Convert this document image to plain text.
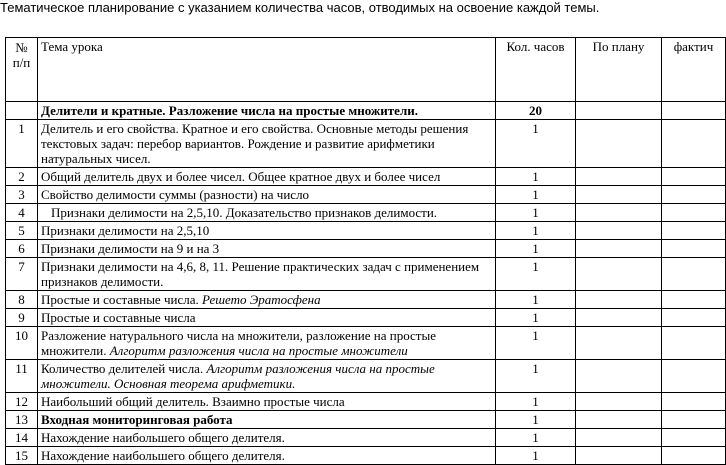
Тематическое планирование с указанием количества часов, отводимых на освоение каждой темы.
№ п/п	Тема урока	Кол. часов	По плану	фактич
	Делители и кратные. Разложение числа на простые множители.	20		
1	Делитель и его свойства. Кратное и его свойства. Основные методы решения текстовых задач: перебор вариантов. Рождение и развитие арифметики натуральных чисел.	1		
2	Общий делитель двух и более чисел. Общее кратное двух и более чисел	1		
3	Свойство делимости суммы (разности) на число	1		
4	Признаки делимости на 2,5,10. Доказательство признаков делимости.	1		
5	Признаки делимости на 2,5,10	1		
6	Признаки делимости на 9 и на 3	1		
7	Признаки делимости на 4,6, 8, 11. Решение практических задач с применением признаков делимости.	1		
8	Простые и составные числа. Решето Эратосфена	1		
9	Простые и составные числа	1		
10	Разложение натурального числа на множители, разложение на простые множители. Алгоритм разложения числа на простые множители	1		
11	Количество делителей числа. Алгоритм разложения числа на простые множители. Основная теорема арифметики.	1		
12	Наибольший общий делитель. Взаимно простые числа	1		
13	Входная мониторинговая работа	1		
14	Нахождение наибольшего общего делителя.	1		
15	Нахождение наибольшего общего делителя.	1		
